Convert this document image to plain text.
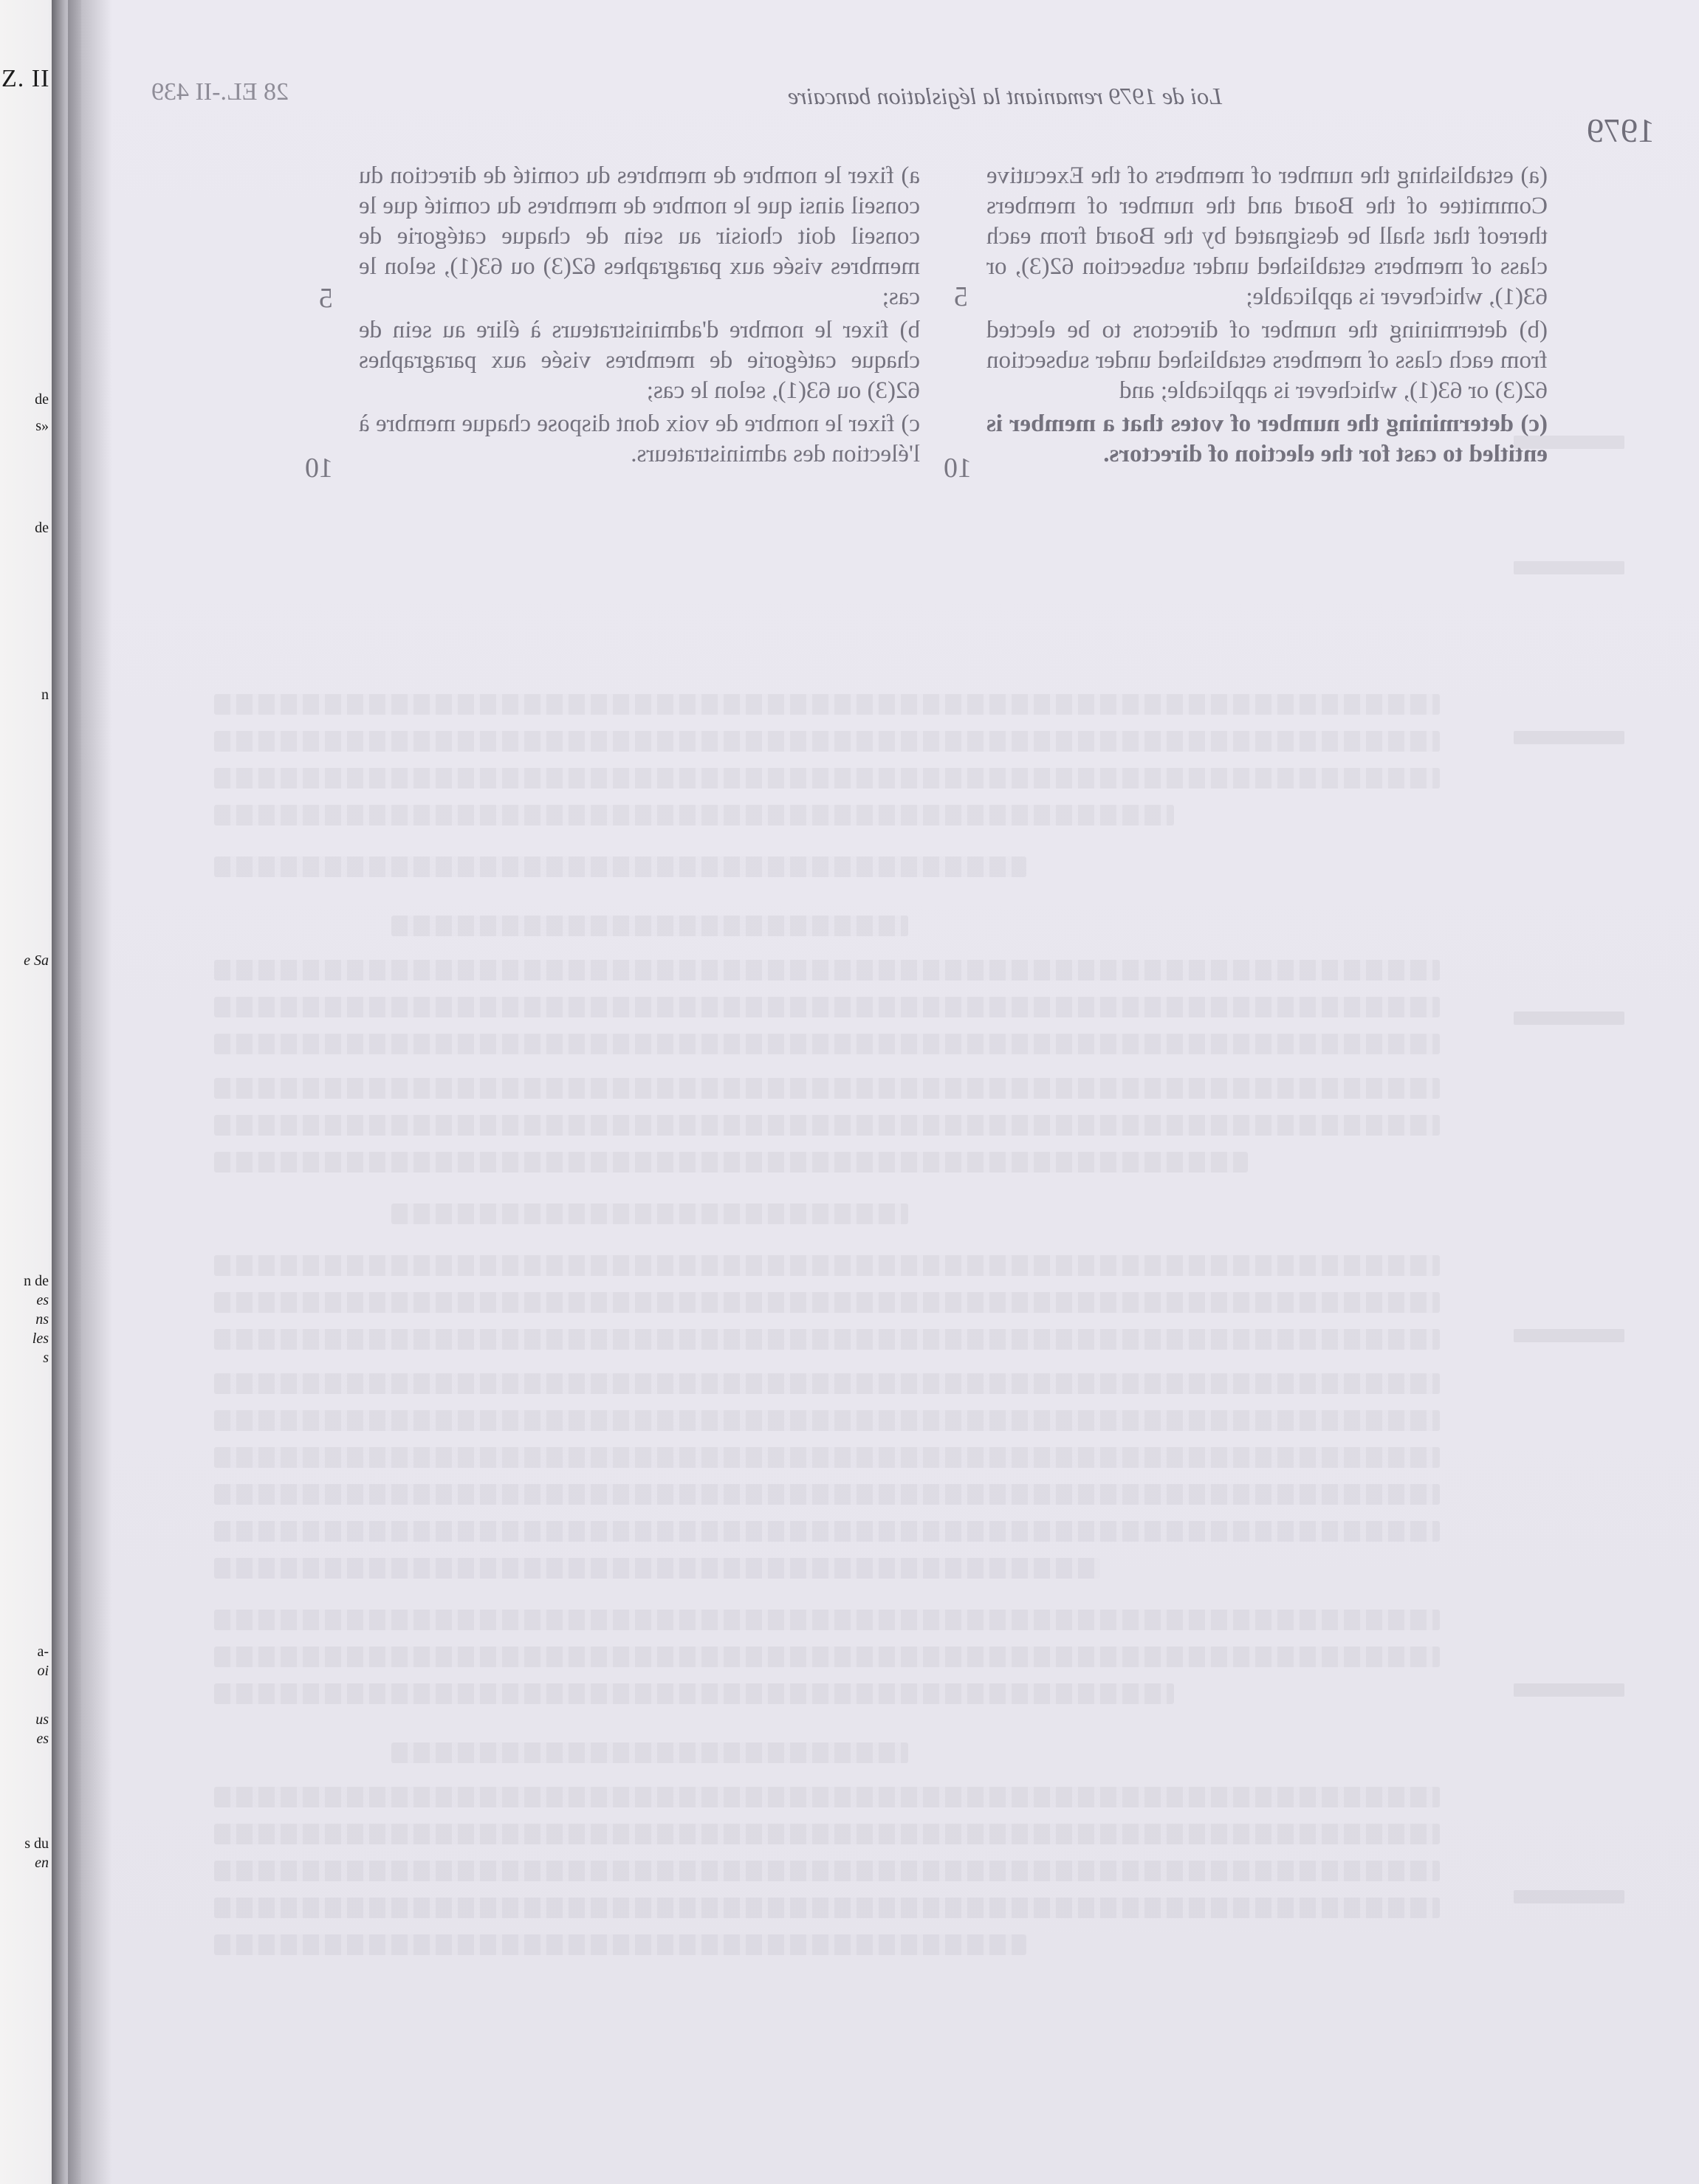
Z. II
de
s»
de
n
e Sa
n de
es
ns
les
s
a-
oi
us
es
s du
en
1979
Loi de 1979 remaniant la législation bancaire
28 EL.-II 439

(a) establishing the number of members of the Executive Committee of the Board and the number of members thereof that shall be designated by the Board from each class of members established under subsection 62(3), or 63(1), whichever is applicable;

(b) determining the number of directors to be elected from each class of members established under subsection 62(3) or 63(1), whichever is applicable; and

(c) determining the number of votes that a member is entitled to cast for the election of directors.

a) fixer le nombre de membres du comité de direction du conseil ainsi que le nombre de membres du comité que le conseil doit choisir au sein de chaque catégorie de membres visée aux paragraphes 62(3) ou 63(1), selon le cas;

b) fixer le nombre d'administrateurs à élire au sein de chaque catégorie de membres visée aux paragraphes 62(3) ou 63(1), selon le cas;

c) fixer le nombre de voix dont dispose chaque membre à l'élection des administrateurs.

5
10
5
10
